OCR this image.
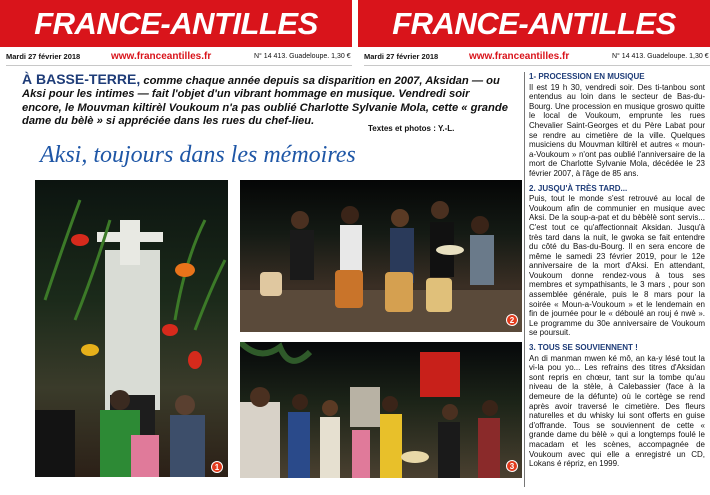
FRANCE-ANTILLES FRANCE-ANTILLES
Mardi 27 février 2018	www.franceantilles.fr	N° 14 413. Guadeloupe. 1,30 € Mardi 27 février 2018	www.franceantilles.fr	N° 14 413. Guadeloupe. 1,30 €
À BASSE-TERRE, comme chaque année depuis sa disparition en 2007, Aksidan — ou Aksi pour les intimes — fait l'objet d'un vibrant hommage en musique. Vendredi soir encore, le Mouvman kiltirèl Voukoum n'a pas oublié Charlotte Sylvanie Mola, cette « grande dame du bèlè » si appréciée dans les rues du chef-lieu.
Textes et photos : Y.-L.
Aksi, toujours dans les mémoires
1
2
3
1- PROCESSION EN MUSIQUE

Il est 19 h 30, vendredi soir. Des ti-tanbou sont entendus au loin dans le secteur de Bas-du-Bourg. Une procession en musique groswo quitte le local de Voukoum, emprunte les rues Chevalier Saint-Georges et du Père Labat pour se rendre au cimetière de la ville. Quelques musiciens du Mouvman kiltirèl et autres « moun-a-Voukoum » n'ont pas oublié l'anniversaire de la mort de Charlotte Sylvanie Mola, décédée le 23 février 2007, à l'âge de 85 ans.

2. JUSQU'À TRÈS TARD...

Puis, tout le monde s'est retrouvé au local de Voukoum afin de communier en musique avec Aksi. De la soup-a-pat et du bèbèlè sont servis... C'est tout ce qu'affectionnait Aksidan. Jusqu'à très tard dans la nuit, le gwoka se fait entendre du côté du Bas-du-Bourg. Il en sera encore de même le samedi 23 février 2019, pour le 12e anniversaire de la mort d'Aksi. En attendant, Voukoum donne rendez-vous à tous ses membres et sympathisants, le 3 mars , pour son assemblée générale, puis le 8 mars pour la soirée « Moun-a-Voukoum » et le lendemain en fin de journée pour le « déboulé an rouj é nwè ». Le programme du 30e anniversaire de Voukoum se poursuit.

3. TOUS SE SOUVIENNENT !

An di manman mwen ké mô, an ka-y lésé tout la vi-la pou yo... Les refrains des titres d'Aksidan sont repris en chœur, tant sur la tombe qu'au niveau de la stèle, à Calebassier (face à la demeure de la défunte) où le cortège se rend après avoir traversé le cimetière. Des fleurs naturelles et du whisky lui sont offerts en guise d'offrande. Tous se souviennent de cette « grande dame du bèlè » qui a longtemps foulé le macadam et les scènes, accompagnée de Voukoum avec qui elle a enregistré un CD, Lokans é répriz, en 1999.
